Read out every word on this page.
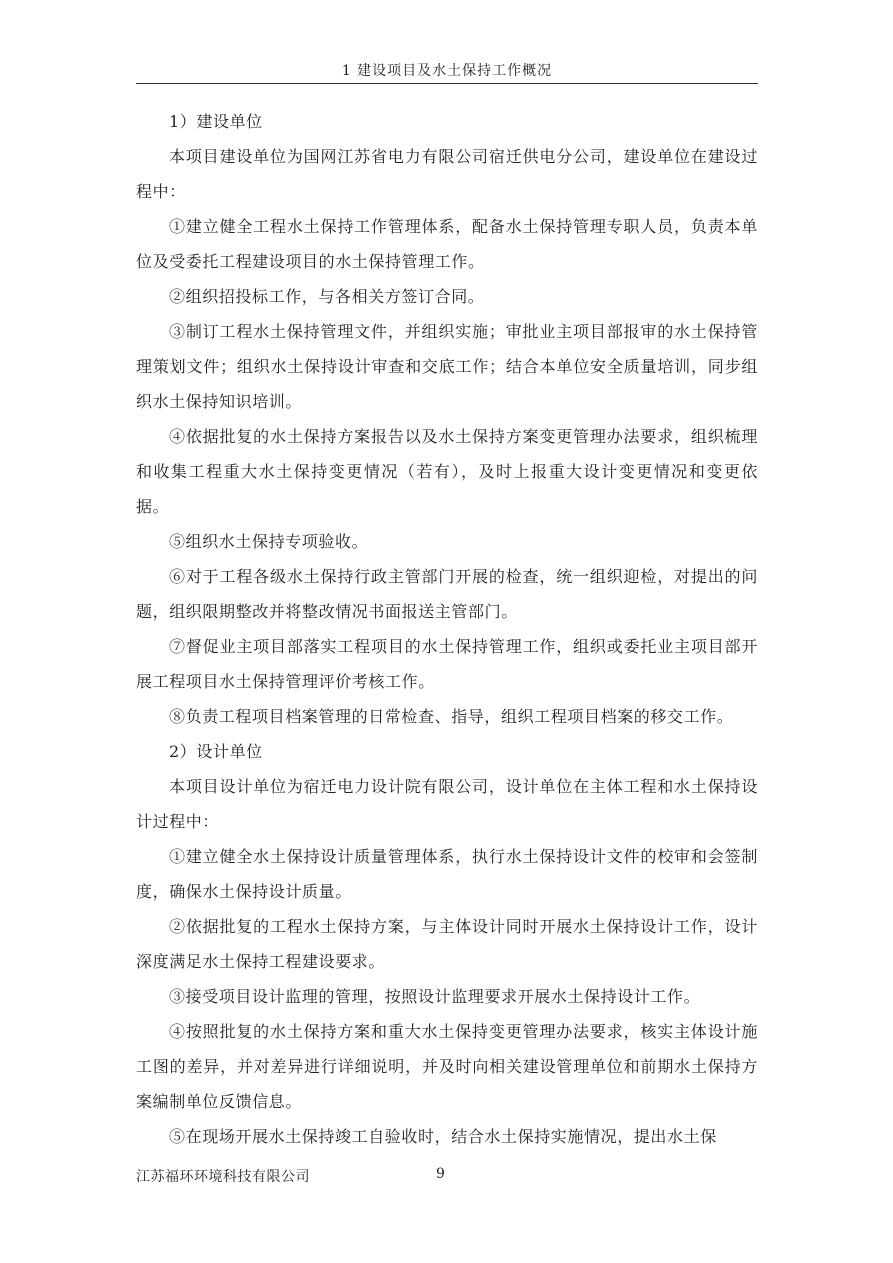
1 建设项目及水土保持工作概况

1）建设单位

本项目建设单位为国网江苏省电力有限公司宿迁供电分公司，建设单位在建设过程中：

①建立健全工程水土保持工作管理体系，配备水土保持管理专职人员，负责本单位及受委托工程建设项目的水土保持管理工作。

②组织招投标工作，与各相关方签订合同。

③制订工程水土保持管理文件，并组织实施；审批业主项目部报审的水土保持管理策划文件；组织水土保持设计审查和交底工作；结合本单位安全质量培训，同步组织水土保持知识培训。

④依据批复的水土保持方案报告以及水土保持方案变更管理办法要求，组织梳理和收集工程重大水土保持变更情况（若有），及时上报重大设计变更情况和变更依据。

⑤组织水土保持专项验收。

⑥对于工程各级水土保持行政主管部门开展的检查，统一组织迎检，对提出的问题，组织限期整改并将整改情况书面报送主管部门。

⑦督促业主项目部落实工程项目的水土保持管理工作，组织或委托业主项目部开展工程项目水土保持管理评价考核工作。

⑧负责工程项目档案管理的日常检查、指导，组织工程项目档案的移交工作。

2）设计单位

本项目设计单位为宿迁电力设计院有限公司，设计单位在主体工程和水土保持设计过程中：

①建立健全水土保持设计质量管理体系，执行水土保持设计文件的校审和会签制度，确保水土保持设计质量。

②依据批复的工程水土保持方案，与主体设计同时开展水土保持设计工作，设计深度满足水土保持工程建设要求。

③接受项目设计监理的管理，按照设计监理要求开展水土保持设计工作。

④按照批复的水土保持方案和重大水土保持变更管理办法要求，核实主体设计施工图的差异，并对差异进行详细说明，并及时向相关建设管理单位和前期水土保持方案编制单位反馈信息。

⑤在现场开展水土保持竣工自验收时，结合水土保持实施情况，提出水土保

江苏福环环境科技有限公司	9
